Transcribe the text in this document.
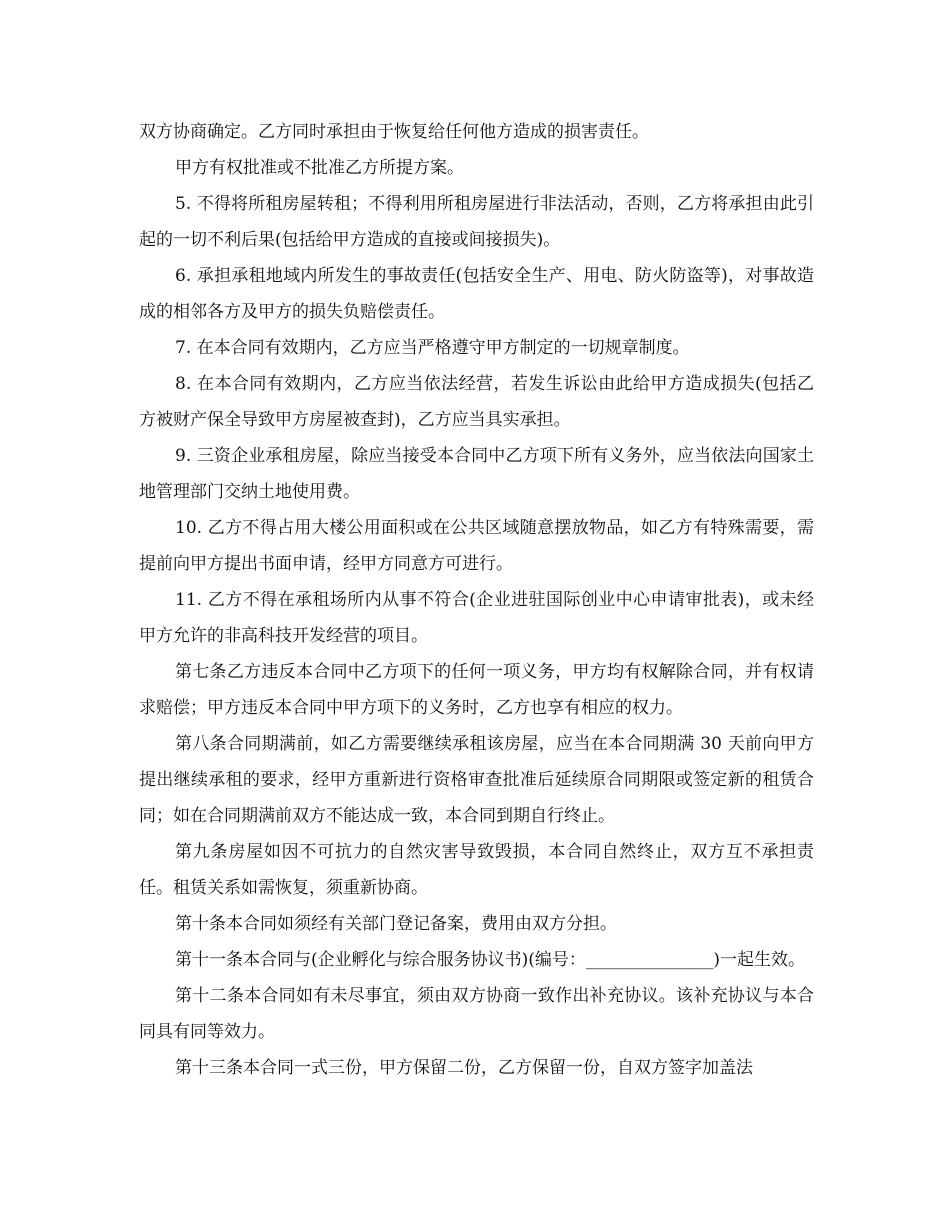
双方协商确定。乙方同时承担由于恢复给任何他方造成的损害责任。

甲方有权批准或不批准乙方所提方案。

5. 不得将所租房屋转租；不得利用所租房屋进行非法活动，否则，乙方将承担由此引起的一切不利后果(包括给甲方造成的直接或间接损失)。

6. 承担承租地域内所发生的事故责任(包括安全生产、用电、防火防盗等)，对事故造成的相邻各方及甲方的损失负赔偿责任。

7. 在本合同有效期内，乙方应当严格遵守甲方制定的一切规章制度。

8. 在本合同有效期内，乙方应当依法经营，若发生诉讼由此给甲方造成损失(包括乙方被财产保全导致甲方房屋被查封)，乙方应当具实承担。

9. 三资企业承租房屋，除应当接受本合同中乙方项下所有义务外，应当依法向国家土地管理部门交纳土地使用费。

10. 乙方不得占用大楼公用面积或在公共区域随意摆放物品，如乙方有特殊需要，需提前向甲方提出书面申请，经甲方同意方可进行。

11. 乙方不得在承租场所内从事不符合(企业进驻国际创业中心申请审批表)，或未经甲方允许的非高科技开发经营的项目。

第七条乙方违反本合同中乙方项下的任何一项义务，甲方均有权解除合同，并有权请求赔偿；甲方违反本合同中甲方项下的义务时，乙方也享有相应的权力。

第八条合同期满前，如乙方需要继续承租该房屋，应当在本合同期满 30 天前向甲方提出继续承租的要求，经甲方重新进行资格审查批准后延续原合同期限或签定新的租赁合同；如在合同期满前双方不能达成一致，本合同到期自行终止。

第九条房屋如因不可抗力的自然灾害导致毁损，本合同自然终止，双方互不承担责任。租赁关系如需恢复，须重新协商。

第十条本合同如须经有关部门登记备案，费用由双方分担。

第十一条本合同与(企业孵化与综合服务协议书)(编号：_______________)一起生效。

第十二条本合同如有未尽事宜，须由双方协商一致作出补充协议。该补充协议与本合同具有同等效力。

第十三条本合同一式三份，甲方保留二份，乙方保留一份，自双方签字加盖法
